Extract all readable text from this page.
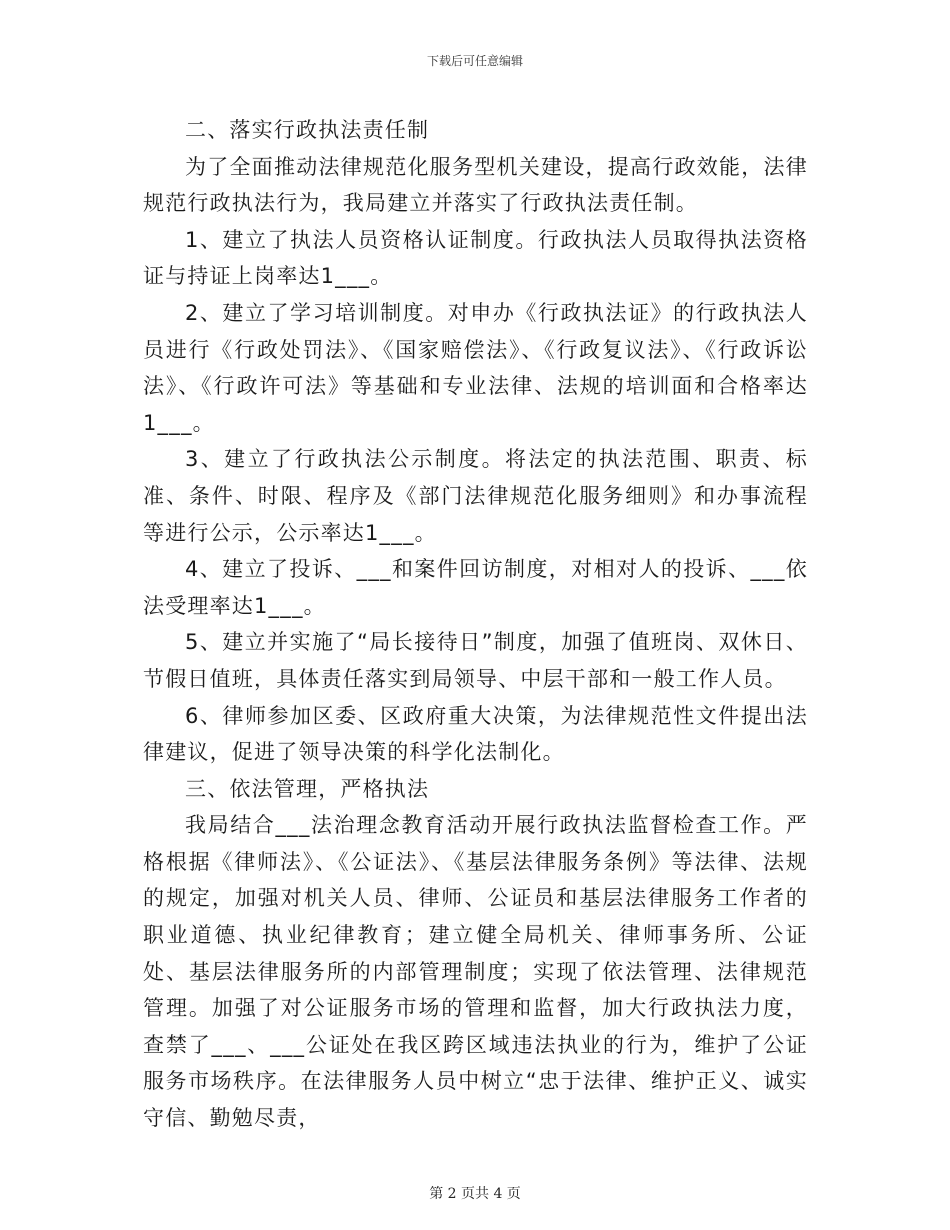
下载后可任意编辑

二、落实行政执法责任制

为了全面推动法律规范化服务型机关建设，提高行政效能，法律规范行政执法行为，我局建立并落实了行政执法责任制。

1、建立了执法人员资格认证制度。行政执法人员取得执法资格证与持证上岗率达1___。

2、建立了学习培训制度。对申办《行政执法证》的行政执法人员进行《行政处罚法》、《国家赔偿法》、《行政复议法》、《行政诉讼法》、《行政许可法》等基础和专业法律、法规的培训面和合格率达1___。

3、建立了行政执法公示制度。将法定的执法范围、职责、标准、条件、时限、程序及《部门法律规范化服务细则》和办事流程等进行公示，公示率达1___。

4、建立了投诉、___和案件回访制度，对相对人的投诉、___依法受理率达1___。

5、建立并实施了“局长接待日”制度，加强了值班岗、双休日、节假日值班，具体责任落实到局领导、中层干部和一般工作人员。

6、律师参加区委、区政府重大决策，为法律规范性文件提出法律建议，促进了领导决策的科学化法制化。

三、依法管理，严格执法

我局结合___法治理念教育活动开展行政执法监督检查工作。严格根据《律师法》、《公证法》、《基层法律服务条例》等法律、法规的规定，加强对机关人员、律师、公证员和基层法律服务工作者的职业道德、执业纪律教育；建立健全局机关、律师事务所、公证处、基层法律服务所的内部管理制度；实现了依法管理、法律规范管理。加强了对公证服务市场的管理和监督，加大行政执法力度，查禁了___、___公证处在我区跨区域违法执业的行为，维护了公证服务市场秩序。在法律服务人员中树立“忠于法律、维护正义、诚实守信、勤勉尽责，

第 2 页共 4 页
